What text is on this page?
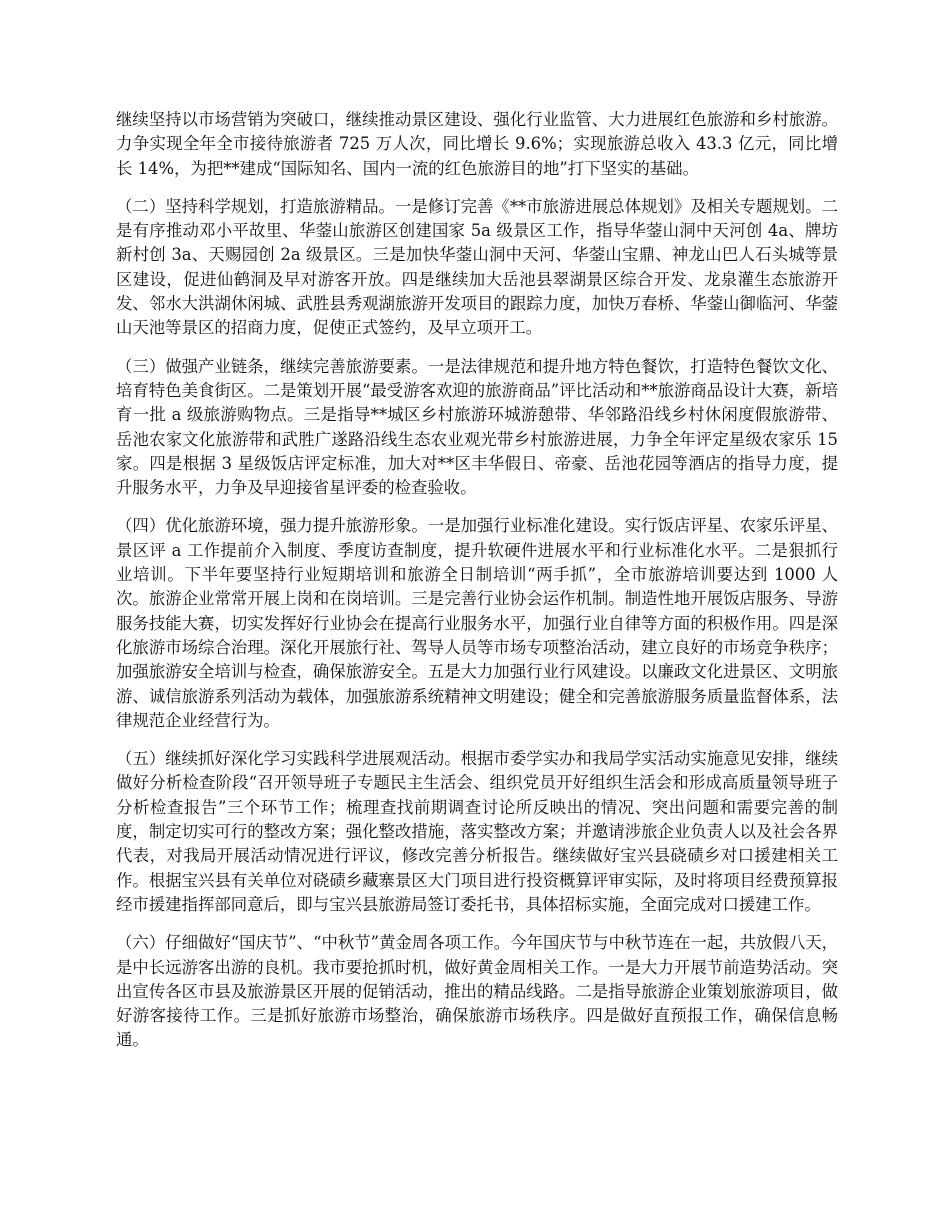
继续坚持以市场营销为突破口，继续推动景区建设、强化行业监管、大力进展红色旅游和乡村旅游。力争实现全年全市接待旅游者 725 万人次，同比增长 9.6%；实现旅游总收入 43.3 亿元，同比增长 14%，为把**建成“国际知名、国内一流的红色旅游目的地”打下坚实的基础。

（二）坚持科学规划，打造旅游精品。一是修订完善《**市旅游进展总体规划》及相关专题规划。二是有序推动邓小平故里、华蓥山旅游区创建国家 5a 级景区工作，指导华蓥山洞中天河创 4a、牌坊新村创 3a、天赐园创 2a 级景区。三是加快华蓥山洞中天河、华蓥山宝鼎、神龙山巴人石头城等景区建设，促进仙鹤洞及早对游客开放。四是继续加大岳池县翠湖景区综合开发、龙泉灌生态旅游开发、邻水大洪湖休闲城、武胜县秀观湖旅游开发项目的跟踪力度，加快万春桥、华蓥山御临河、华蓥山天池等景区的招商力度，促使正式签约，及早立项开工。

（三）做强产业链条，继续完善旅游要素。一是法律规范和提升地方特色餐饮，打造特色餐饮文化、培育特色美食街区。二是策划开展“最受游客欢迎的旅游商品”评比活动和**旅游商品设计大赛，新培育一批 a 级旅游购物点。三是指导**城区乡村旅游环城游憩带、华邻路沿线乡村休闲度假旅游带、岳池农家文化旅游带和武胜广遂路沿线生态农业观光带乡村旅游进展，力争全年评定星级农家乐 15 家。四是根据 3 星级饭店评定标准，加大对**区丰华假日、帝豪、岳池花园等酒店的指导力度，提升服务水平，力争及早迎接省星评委的检查验收。

（四）优化旅游环境，强力提升旅游形象。一是加强行业标准化建设。实行饭店评星、农家乐评星、景区评 a 工作提前介入制度、季度访查制度，提升软硬件进展水平和行业标准化水平。二是狠抓行业培训。下半年要坚持行业短期培训和旅游全日制培训“两手抓”，全市旅游培训要达到 1000 人次。旅游企业常常开展上岗和在岗培训。三是完善行业协会运作机制。制造性地开展饭店服务、导游服务技能大赛，切实发挥好行业协会在提高行业服务水平，加强行业自律等方面的积极作用。四是深化旅游市场综合治理。深化开展旅行社、驾导人员等市场专项整治活动，建立良好的市场竞争秩序；加强旅游安全培训与检查，确保旅游安全。五是大力加强行业行风建设。以廉政文化进景区、文明旅游、诚信旅游系列活动为载体，加强旅游系统精神文明建设；健全和完善旅游服务质量监督体系，法律规范企业经营行为。

（五）继续抓好深化学习实践科学进展观活动。根据市委学实办和我局学实活动实施意见安排，继续做好分析检查阶段“召开领导班子专题民主生活会、组织党员开好组织生活会和形成高质量领导班子分析检查报告”三个环节工作；梳理查找前期调查讨论所反映出的情况、突出问题和需要完善的制度，制定切实可行的整改方案；强化整改措施，落实整改方案；并邀请涉旅企业负责人以及社会各界代表，对我局开展活动情况进行评议，修改完善分析报告。继续做好宝兴县硗碛乡对口援建相关工作。根据宝兴县有关单位对硗碛乡藏寨景区大门项目进行投资概算评审实际，及时将项目经费预算报经市援建指挥部同意后，即与宝兴县旅游局签订委托书，具体招标实施，全面完成对口援建工作。

（六）仔细做好“国庆节”、“中秋节”黄金周各项工作。今年国庆节与中秋节连在一起，共放假八天，是中长远游客出游的良机。我市要抢抓时机，做好黄金周相关工作。一是大力开展节前造势活动。突出宣传各区市县及旅游景区开展的促销活动，推出的精品线路。二是指导旅游企业策划旅游项目，做好游客接待工作。三是抓好旅游市场整治，确保旅游市场秩序。四是做好直预报工作，确保信息畅通。
